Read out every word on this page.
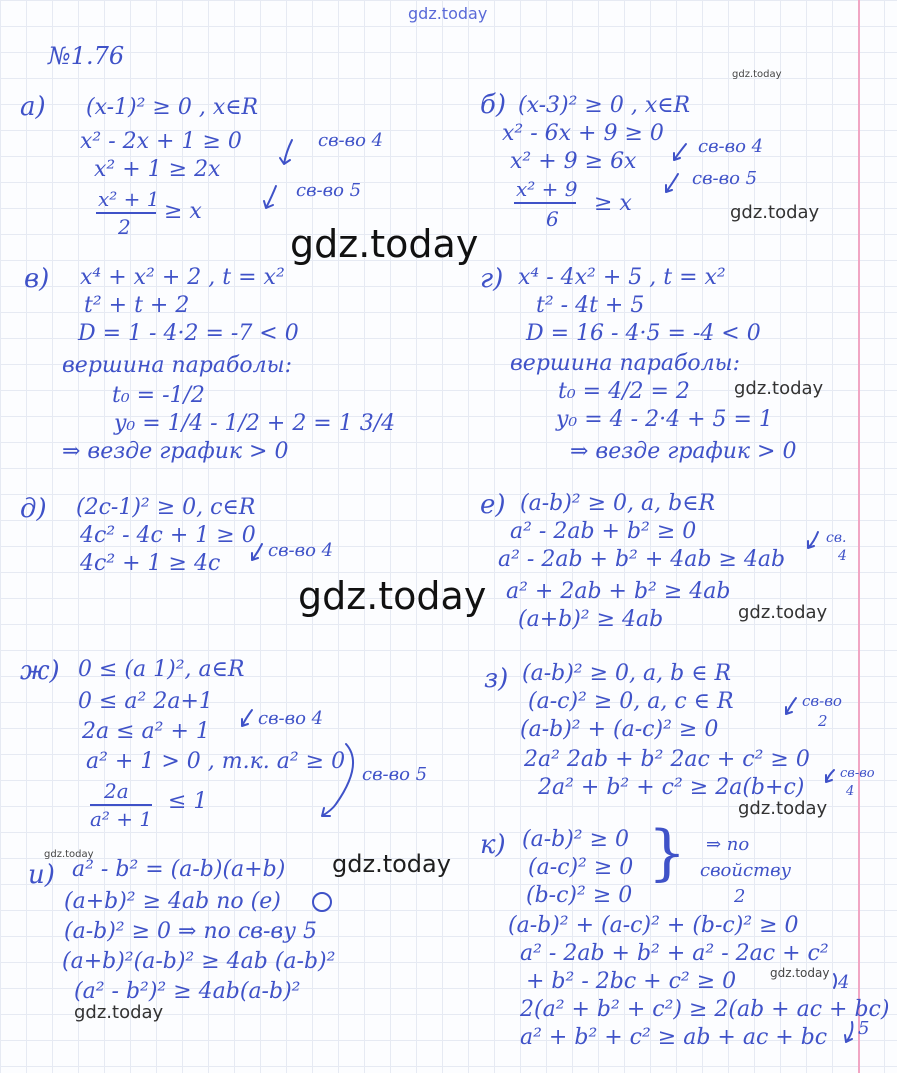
gdz.today
gdz.today
gdz.today
gdz.today
gdz.today
gdz.today	gdz.today
gdz.today
gdz.today	gdz.today
gdz.today
gdz.today
№1.76
а) (x-1)² ≥ 0 , x∈R
x² - 2x + 1 ≥ 0
x² + 1 ≥ 2x
x² + 1
2
≥ x
св-во 4
св-во 5
б) (x-3)² ≥ 0 , x∈R
x² - 6x + 9 ≥ 0
x² + 9 ≥ 6x
x² + 9
6
≥ x
св-во 4
св-во 5
в) x⁴ + x² + 2 , t = x²
t² + t + 2
D = 1 - 4·2 = -7 < 0
вершина параболы:
t₀ = -1/2
y₀ = 1/4 - 1/2 + 2 = 1 3/4
⇒ везде график > 0
г) x⁴ - 4x² + 5 , t = x²
t² - 4t + 5
D = 16 - 4·5 = -4 < 0
вершина параболы:
t₀ = 4/2 = 2
y₀ = 4 - 2·4 + 5 = 1
⇒ везде график > 0
д) (2c-1)² ≥ 0, c∈R
4c² - 4c + 1 ≥ 0
4c² + 1 ≥ 4c
св-во 4
е) (a-b)² ≥ 0, a, b∈R
a² - 2ab + b² ≥ 0
a² - 2ab + b² + 4ab ≥ 4ab
a² + 2ab + b² ≥ 4ab
(a+b)² ≥ 4ab
св.
4
ж) 0 ≤ (a 1)², a∈R
0 ≤ a² 2a+1
2a ≤ a² + 1
a² + 1 > 0 , т.к. a² ≥ 0
2a
a² + 1
≤ 1
св-во 4
св-во 5
з) (a-b)² ≥ 0, a, b ∈ R
(a-c)² ≥ 0, a, c ∈ R
(a-b)² + (a-c)² ≥ 0
2a² 2ab + b² 2ac + c² ≥ 0
2a² + b² + c² ≥ 2a(b+c)
св-во
2
св-во
4
и) a² - b² = (a-b)(a+b)
(a+b)² ≥ 4ab по (е)
(a-b)² ≥ 0 ⇒ по св-ву 5
(a+b)²(a-b)² ≥ 4ab (a-b)²
(a² - b²)² ≥ 4ab(a-b)²
к) (a-b)² ≥ 0
(a-c)² ≥ 0
(b-c)² ≥ 0
} ⇒ по
свойству
2
(a-b)² + (a-c)² + (b-c)² ≥ 0
a² - 2ab + b² + a² - 2ac + c²
+ b² - 2bc + c² ≥ 0
2(a² + b² + c²) ≥ 2(ab + ac + bc)
a² + b² + c² ≥ ab + ac + bc
4
5
